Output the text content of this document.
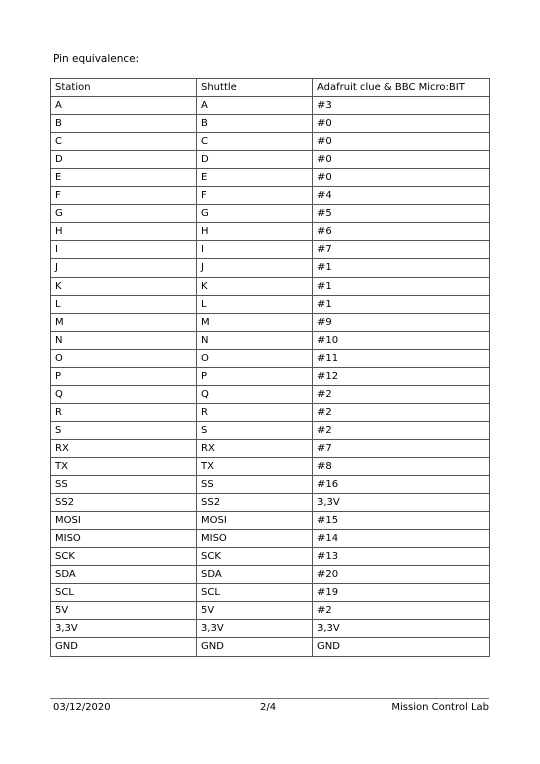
Pin equivalence:
Station	Shuttle	Adafruit clue & BBC Micro:BIT
A	A	#3
B	B	#0
C	C	#0
D	D	#0
E	E	#0
F	F	#4
G	G	#5
H	H	#6
I	I	#7
J	J	#1
K	K	#1
L	L	#1
M	M	#9
N	N	#10
O	O	#11
P	P	#12
Q	Q	#2
R	R	#2
S	S	#2
RX	RX	#7
TX	TX	#8
SS	SS	#16
SS2	SS2	3,3V
MOSI	MOSI	#15
MISO	MISO	#14
SCK	SCK	#13
SDA	SDA	#20
SCL	SCL	#19
5V	5V	#2
3,3V	3,3V	3,3V
GND	GND	GND
03/12/2020	2/4	Mission Control Lab
